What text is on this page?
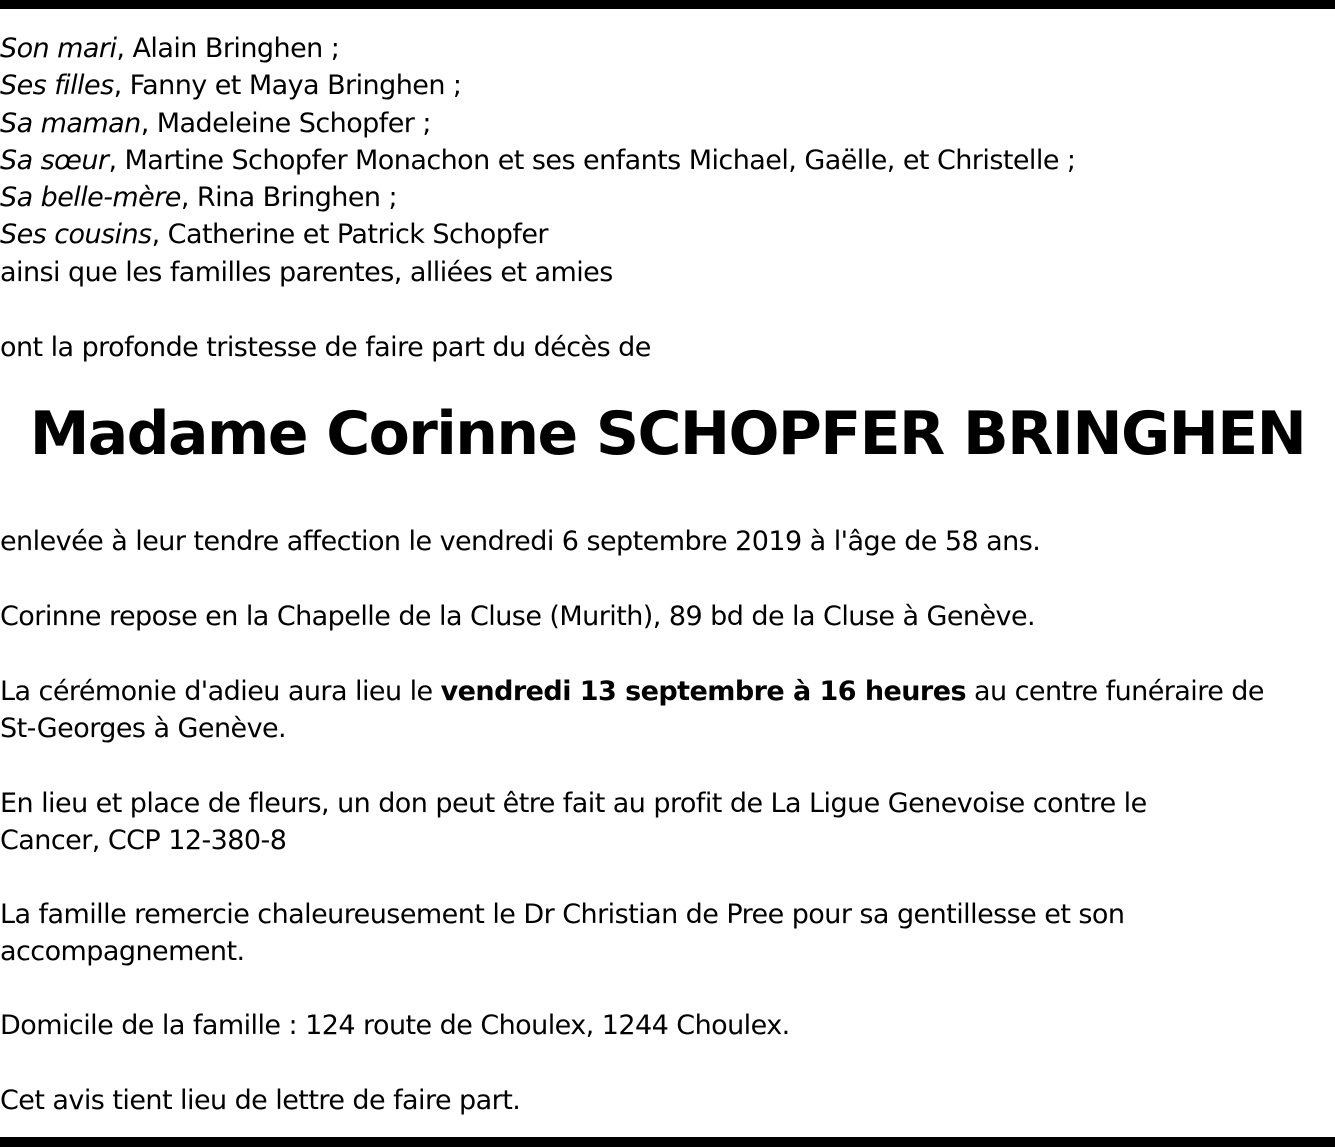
Son mari, Alain Bringhen ;
Ses filles, Fanny et Maya Bringhen ;
Sa maman, Madeleine Schopfer ;
Sa sœur, Martine Schopfer Monachon et ses enfants Michael, Gaëlle, et Christelle ;
Sa belle-mère, Rina Bringhen ;
Ses cousins, Catherine et Patrick Schopfer
ainsi que les familles parentes, alliées et amies
ont la profonde tristesse de faire part du décès de
Madame Corinne SCHOPFER BRINGHEN
enlevée à leur tendre affection le vendredi 6 septembre 2019 à l'âge de 58 ans.
Corinne repose en la Chapelle de la Cluse (Murith), 89 bd de la Cluse à Genève.
La cérémonie d'adieu aura lieu le vendredi 13 septembre à 16 heures au centre funéraire de
St-Georges à Genève.
En lieu et place de fleurs, un don peut être fait au profit de La Ligue Genevoise contre le
Cancer, CCP 12-380-8
La famille remercie chaleureusement le Dr Christian de Pree pour sa gentillesse et son
accompagnement.
Domicile de la famille : 124 route de Choulex, 1244 Choulex.
Cet avis tient lieu de lettre de faire part.
